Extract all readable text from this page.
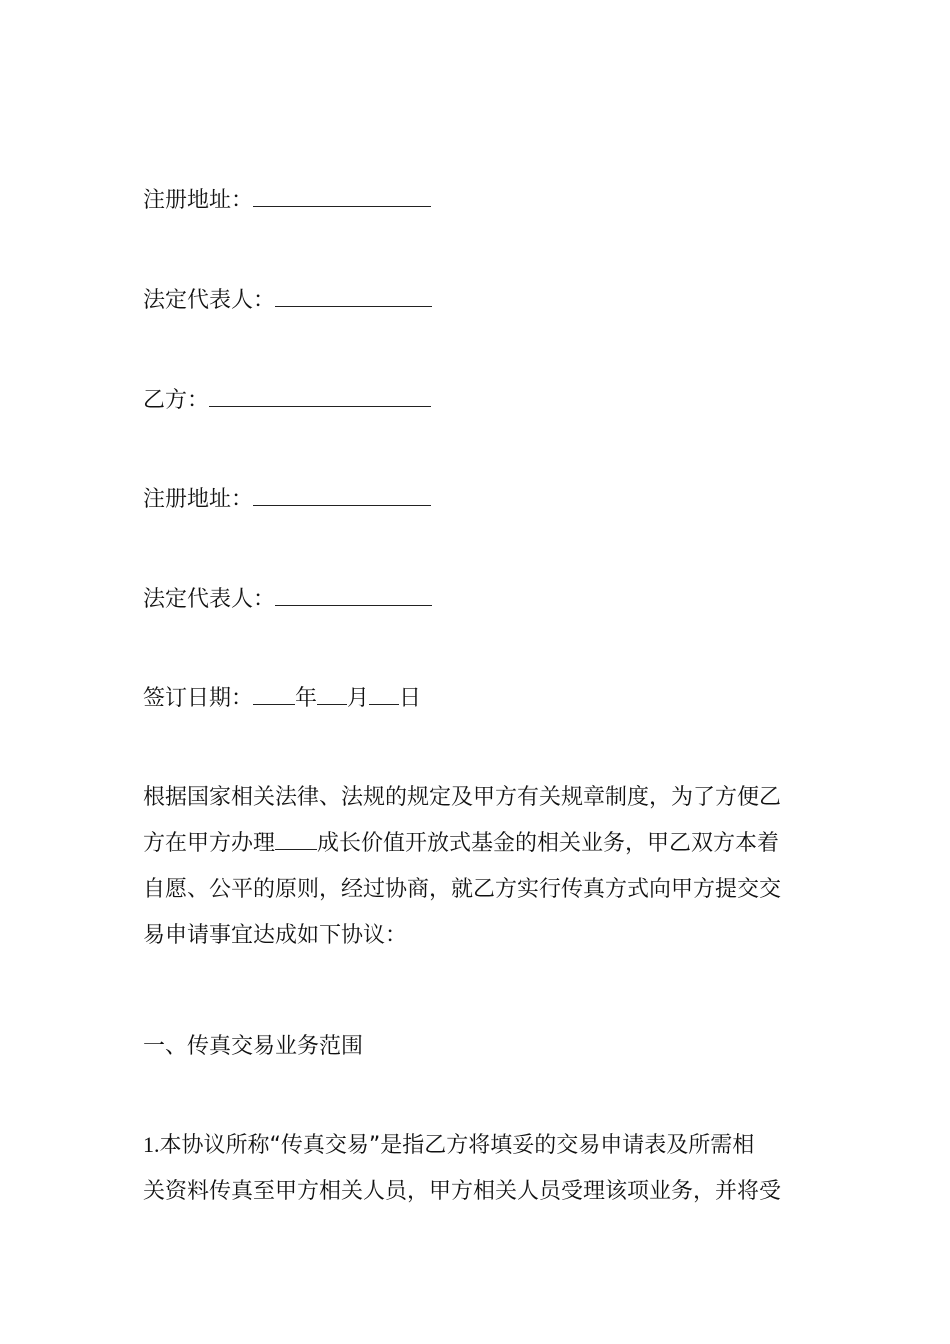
注册地址：
法定代表人：
乙方：
注册地址：
法定代表人：
签订日期： 年 月 日
根据国家相关法律、法规的规定及甲方有关规章制度，为了方便乙
方在甲方办理 成长价值开放式基金的相关业务，甲乙双方本着
自愿、公平的原则，经过协商，就乙方实行传真方式向甲方提交交
易申请事宜达成如下协议：
一、传真交易业务范围
1.本协议所称“传真交易”是指乙方将填妥的交易申请表及所需相
关资料传真至甲方相关人员，甲方相关人员受理该项业务，并将受
